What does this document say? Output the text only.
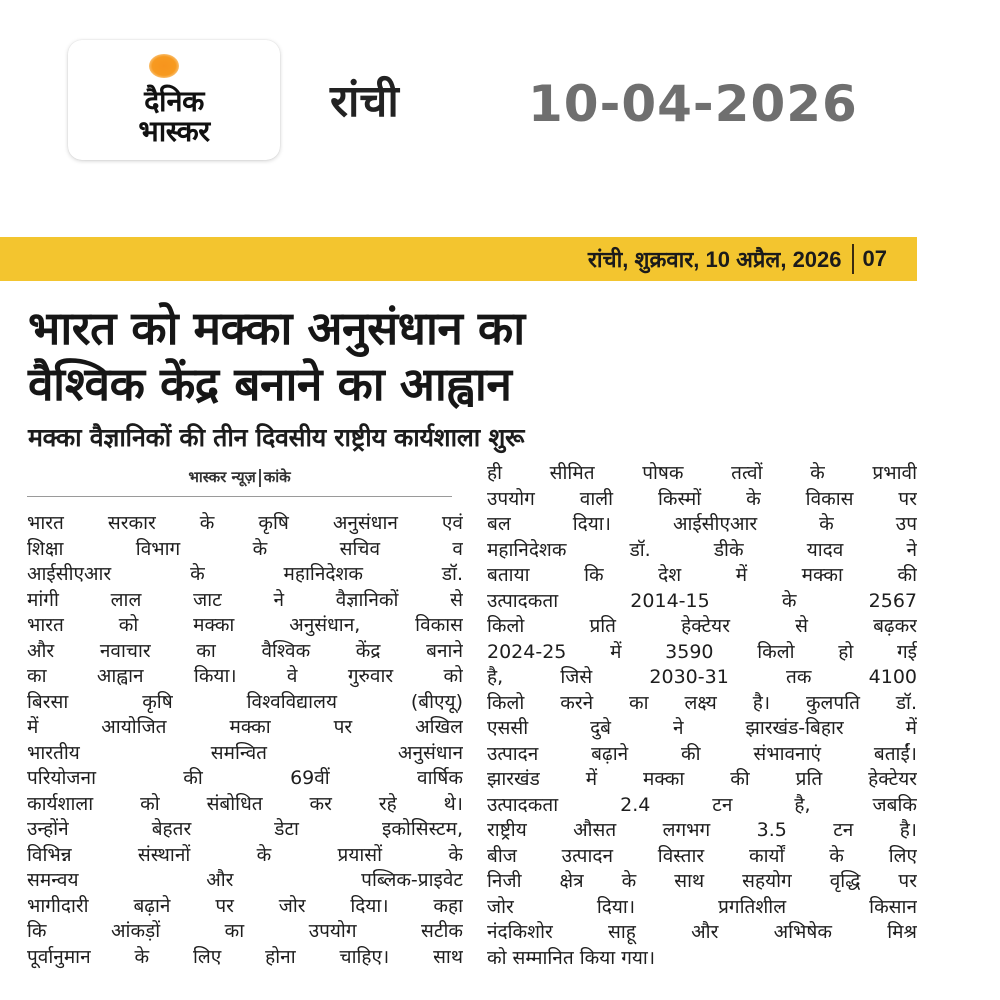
दैनिक
भास्कर
रांची	10-04-2026
रांची, शुक्रवार, 10 अप्रैल, 2026 07
भारत को मक्का अनुसंधान का
वैश्विक केंद्र बनाने का आह्वान
मक्का वैज्ञानिकों की तीन दिवसीय राष्ट्रीय कार्यशाला शुरू
भास्कर न्यूज़ कांके
भारत सरकार के कृषि अनुसंधान एवं
शिक्षा विभाग के सचिव व
आईसीएआर के महानिदेशक डॉ.
मांगी लाल जाट ने वैज्ञानिकों से
भारत को मक्का अनुसंधान, विकास
और नवाचार का वैश्विक केंद्र बनाने
का आह्वान किया। वे गुरुवार को
बिरसा कृषि विश्वविद्यालय (बीएयू)
में आयोजित मक्का पर अखिल
भारतीय समन्वित अनुसंधान
परियोजना की 69वीं वार्षिक
कार्यशाला को संबोधित कर रहे थे।
उन्होंने बेहतर डेटा इकोसिस्टम,
विभिन्न संस्थानों के प्रयासों के
समन्वय और पब्लिक-प्राइवेट
भागीदारी बढ़ाने पर जोर दिया। कहा
कि आंकड़ों का उपयोग सटीक
पूर्वानुमान के लिए होना चाहिए। साथ
ही सीमित पोषक तत्वों के प्रभावी
उपयोग वाली किस्मों के विकास पर
बल दिया। आईसीएआर के उप
महानिदेशक डॉ. डीके यादव ने
बताया कि देश में मक्का की
उत्पादकता 2014-15 के 2567
किलो प्रति हेक्टेयर से बढ़कर
2024-25 में 3590 किलो हो गई
है, जिसे 2030-31 तक 4100
किलो करने का लक्ष्य है। कुलपति डॉ.
एससी दुबे ने झारखंड-बिहार में
उत्पादन बढ़ाने की संभावनाएं बताईं।
झारखंड में मक्का की प्रति हेक्टेयर
उत्पादकता 2.4 टन है, जबकि
राष्ट्रीय औसत लगभग 3.5 टन है।
बीज उत्पादन विस्तार कार्यों के लिए
निजी क्षेत्र के साथ सहयोग वृद्धि पर
जोर दिया। प्रगतिशील किसान
नंदकिशोर साहू और अभिषेक मिश्र
को सम्मानित किया गया।
